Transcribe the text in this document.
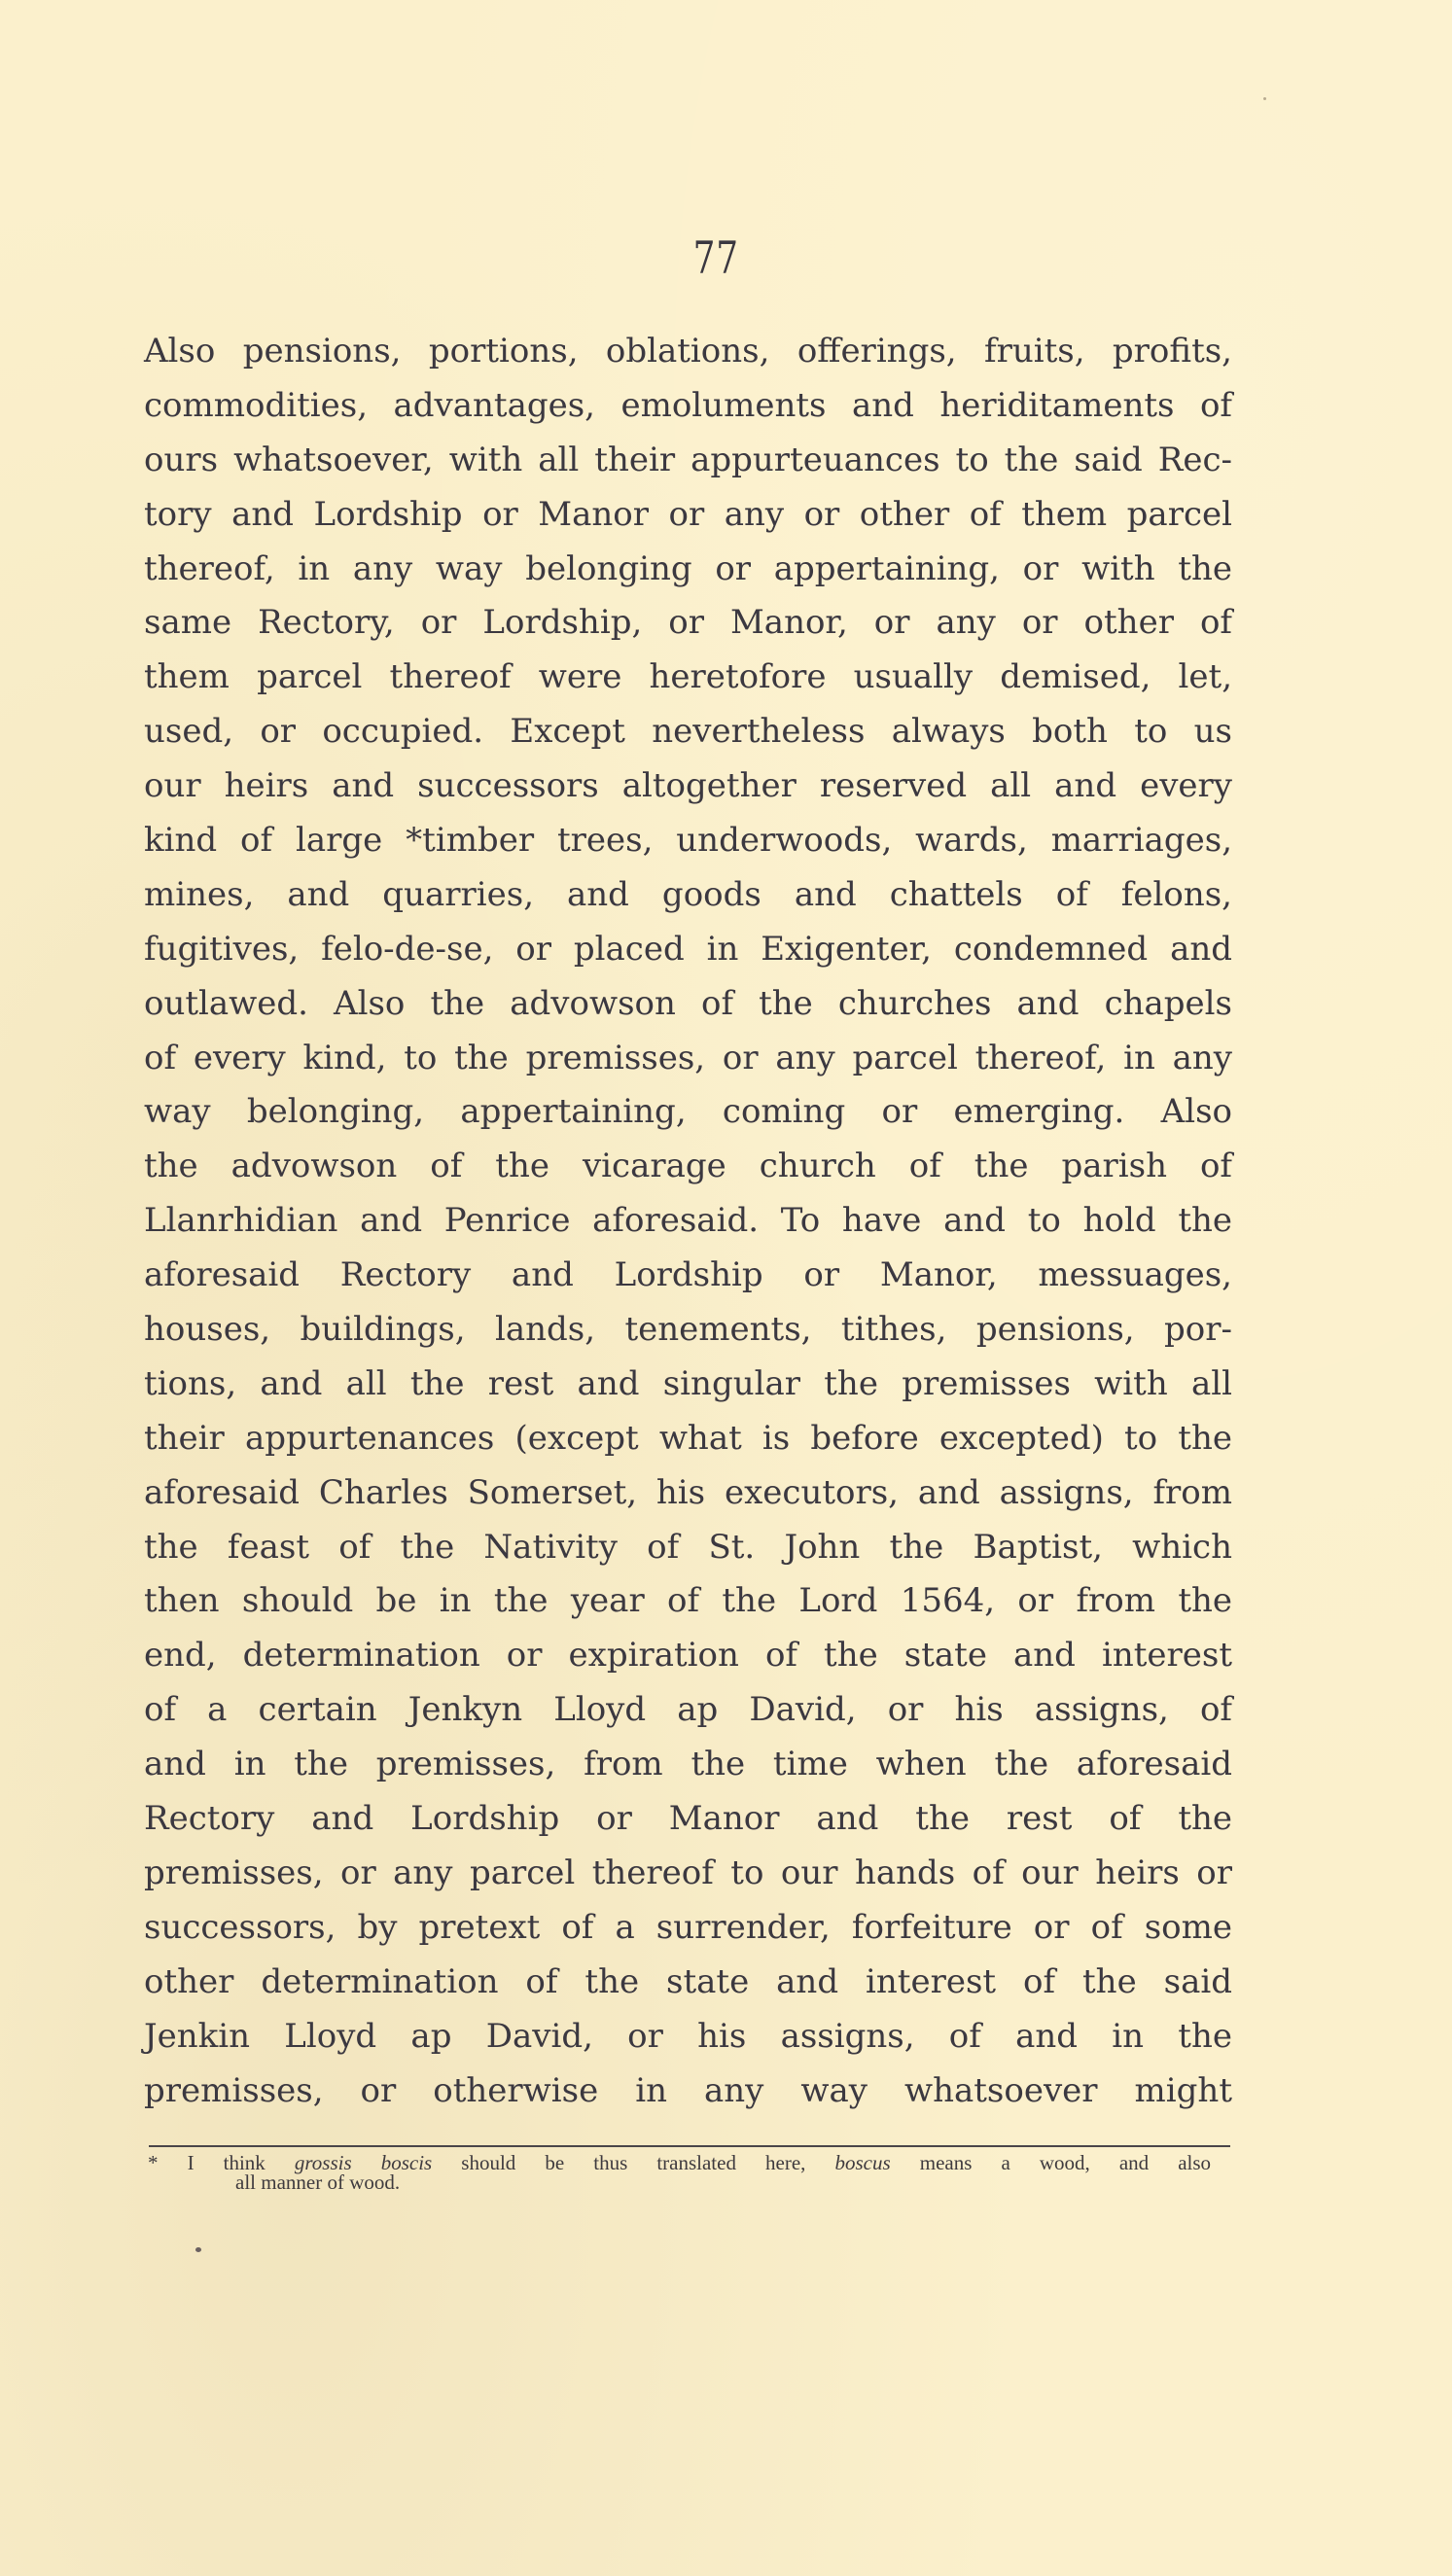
77
Also pensions, portions, oblations, offerings, fruits, profits,
commodities, advantages, emoluments and heriditaments of
ours whatsoever, with all their appurteuances to the said Rec-
tory and Lordship or Manor or any or other of them parcel
thereof, in any way belonging or appertaining, or with the
same Rectory, or Lordship, or Manor, or any or other of
them parcel thereof were heretofore usually demised, let,
used, or occupied. Except nevertheless always both to us
our heirs and successors altogether reserved all and every
kind of large *timber trees, underwoods, wards, marriages,
mines, and quarries, and goods and chattels of felons,
fugitives, felo-de-se, or placed in Exigenter, condemned and
outlawed. Also the advowson of the churches and chapels
of every kind, to the premisses, or any parcel thereof, in any
way belonging, appertaining, coming or emerging. Also
the advowson of the vicarage church of the parish of
Llanrhidian and Penrice aforesaid. To have and to hold the
aforesaid Rectory and Lordship or Manor, messuages,
houses, buildings, lands, tenements, tithes, pensions, por-
tions, and all the rest and singular the premisses with all
their appurtenances (except what is before excepted) to the
aforesaid Charles Somerset, his executors, and assigns, from
the feast of the Nativity of St. John the Baptist, which
then should be in the year of the Lord 1564, or from the
end, determination or expiration of the state and interest
of a certain Jenkyn Lloyd ap David, or his assigns, of
and in the premisses, from the time when the aforesaid
Rectory and Lordship or Manor and the rest of the
premisses, or any parcel thereof to our hands of our heirs or
successors, by pretext of a surrender, forfeiture or of some
other determination of the state and interest of the said
Jenkin Lloyd ap David, or his assigns, of and in the
premisses, or otherwise in any way whatsoever might
* I think grossis boscis should be thus translated here, boscus means a wood, and also
all manner of wood.
